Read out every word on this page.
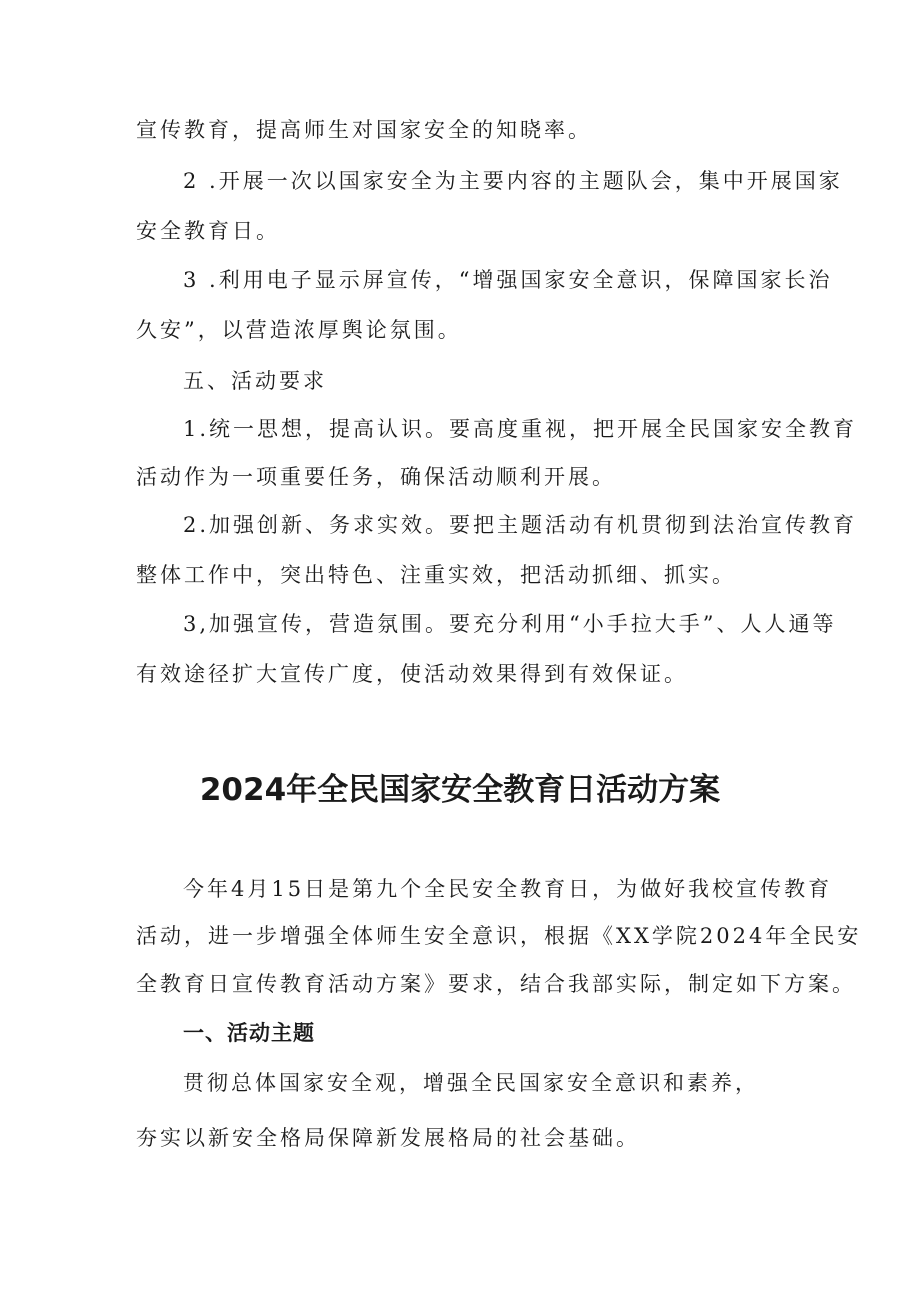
宣传教育，提高师生对国家安全的知晓率。

2 .开展一次以国家安全为主要内容的主题队会，集中开展国家

安全教育日。

3 .利用电子显示屏宣传，“增强国家安全意识，保障国家长治

久安”，以营造浓厚舆论氛围。

五、活动要求

1.统一思想，提高认识。要高度重视，把开展全民国家安全教育

活动作为一项重要任务，确保活动顺利开展。

2.加强创新、务求实效。要把主题活动有机贯彻到法治宣传教育

整体工作中，突出特色、注重实效，把活动抓细、抓实。

3,加强宣传，营造氛围。要充分利用“小手拉大手”、人人通等

有效途径扩大宣传广度，使活动效果得到有效保证。

2024年全民国家安全教育日活动方案

今年4月15日是第九个全民安全教育日，为做好我校宣传教育

活动，进一步增强全体师生安全意识，根据《XX学院2024年全民安

全教育日宣传教育活动方案》要求，结合我部实际，制定如下方案。

一、活动主题

贯彻总体国家安全观，增强全民国家安全意识和素养，

夯实以新安全格局保障新发展格局的社会基础。
